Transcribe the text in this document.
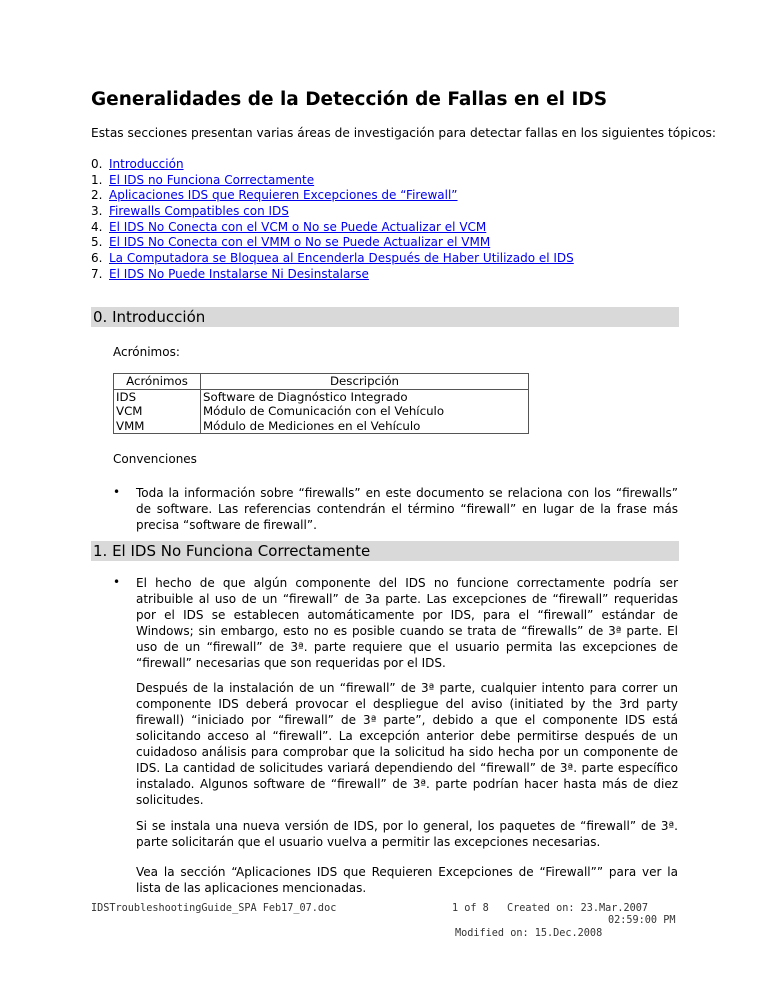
Generalidades de la Detección de Fallas en el IDS

Estas secciones presentan varias áreas de investigación para detectar fallas en los siguientes tópicos:

0. Introducción
1. El IDS no Funciona Correctamente
2. Aplicaciones IDS que Requieren Excepciones de “Firewall”
3. Firewalls Compatibles con IDS
4. El IDS No Conecta con el VCM o No se Puede Actualizar el VCM
5. El IDS No Conecta con el VMM o No se Puede Actualizar el VMM
6. La Computadora se Bloquea al Encenderla Después de Haber Utilizado el IDS
7. El IDS No Puede Instalarse Ni Desinstalarse
0. Introducción

Acrónimos:

Acrónimos	Descripción
IDS	Software de Diagnóstico Integrado
VCM	Módulo de Comunicación con el Vehículo
VMM	Módulo de Mediciones en el Vehículo

Convenciones

• Toda la información sobre “firewalls” en este documento se relaciona con los “firewalls” de software. Las referencias contendrán el término “firewall” en lugar de la frase más precisa “software de firewall”.

1. El IDS No Funciona Correctamente
• El hecho de que algún componente del IDS no funcione correctamente podría ser atribuible al uso de un “firewall” de 3a parte. Las excepciones de “firewall” requeridas por el IDS se establecen automáticamente por IDS, para el “firewall” estándar de Windows; sin embargo, esto no es posible cuando se trata de “firewalls” de 3ª parte. El uso de un “firewall” de 3ª. parte requiere que el usuario permita las excepciones de “firewall” necesarias que son requeridas por el IDS.

Después de la instalación de un “firewall” de 3ª parte, cualquier intento para correr un componente IDS deberá provocar el despliegue del aviso (initiated by the 3rd party firewall) “iniciado por “firewall” de 3ª parte”, debido a que el componente IDS está solicitando acceso al “firewall”. La excepción anterior debe permitirse después de un cuidadoso análisis para comprobar que la solicitud ha sido hecha por un componente de IDS. La cantidad de solicitudes variará dependiendo del “firewall” de 3ª. parte específico instalado. Algunos software de “firewall” de 3ª. parte podrían hacer hasta más de diez solicitudes.

Si se instala una nueva versión de IDS, por lo general, los paquetes de “firewall” de 3ª. parte solicitarán que el usuario vuelva a permitir las excepciones necesarias.

Vea la sección “Aplicaciones IDS que Requieren Excepciones de “Firewall”” para ver la lista de las aplicaciones mencionadas.

IDSTroubleshootingGuide_SPA Feb17_07.doc	1 of 8 Created on: 23.Mar.2007

02:59:00 PM

Modified on: 15.Dec.2008
